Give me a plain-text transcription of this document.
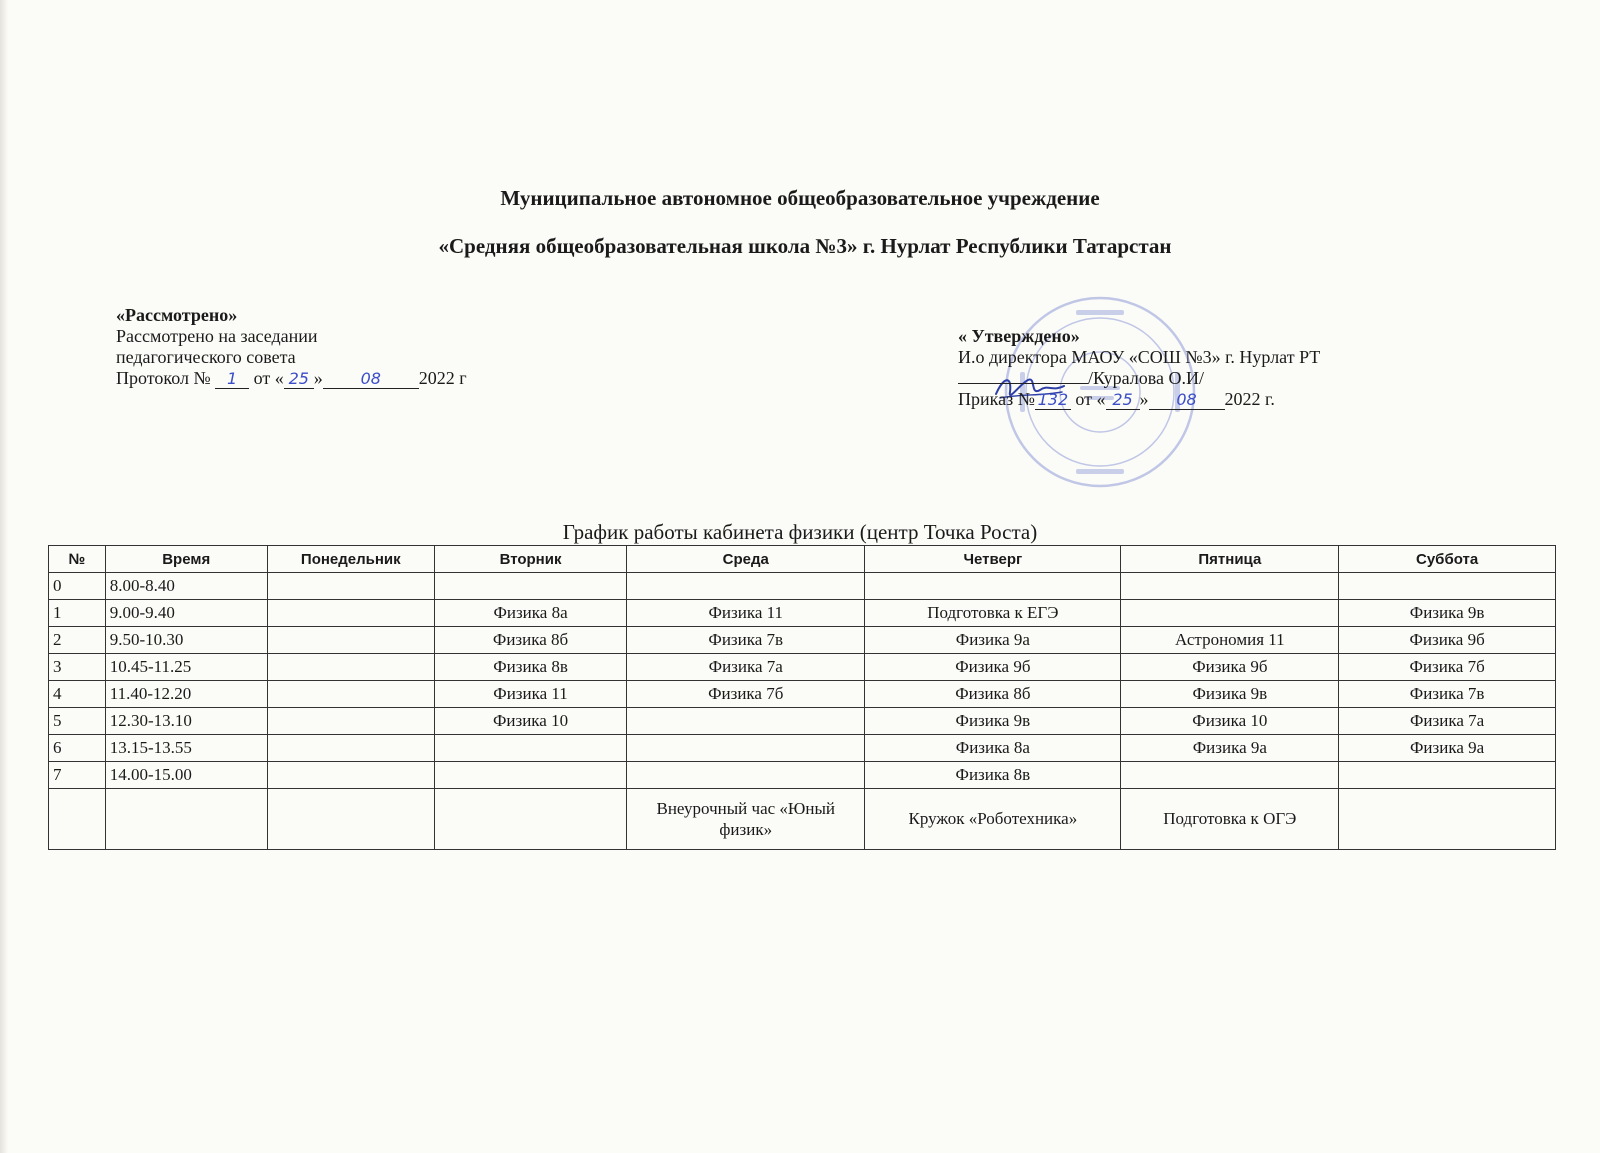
Муниципальное автономное общеобразовательное учреждение
«Средняя общеобразовательная школа №3» г. Нурлат Республики Татарстан
«Рассмотрено»
Рассмотрено на заседании
педагогического совета
Протокол № 1 от « 25 » 08 2022 г
« Утверждено»
И.о директора МАОУ «СОШ №3» г. Нурлат РТ
/Куралова О.И/
Приказ № 132 от « 25 » 08 2022 г.
График работы кабинета физики (центр Точка Роста)
№	Время	Понедельник	Вторник	Среда	Четверг	Пятница	Суббота
0	8.00-8.40						
1	9.00-9.40		Физика 8а	Физика 11	Подготовка к ЕГЭ		Физика 9в
2	9.50-10.30		Физика 8б	Физика 7в	Физика 9а	Астрономия 11	Физика 9б
3	10.45-11.25		Физика 8в	Физика 7а	Физика 9б	Физика 9б	Физика 7б
4	11.40-12.20		Физика 11	Физика 7б	Физика 8б	Физика 9в	Физика 7в
5	12.30-13.10		Физика 10		Физика 9в	Физика 10	Физика 7а
6	13.15-13.55				Физика 8а	Физика 9а	Физика 9а
7	14.00-15.00				Физика 8в		
				Внеурочный час «Юный физик»	Кружок «Роботехника»	Подготовка к ОГЭ	
